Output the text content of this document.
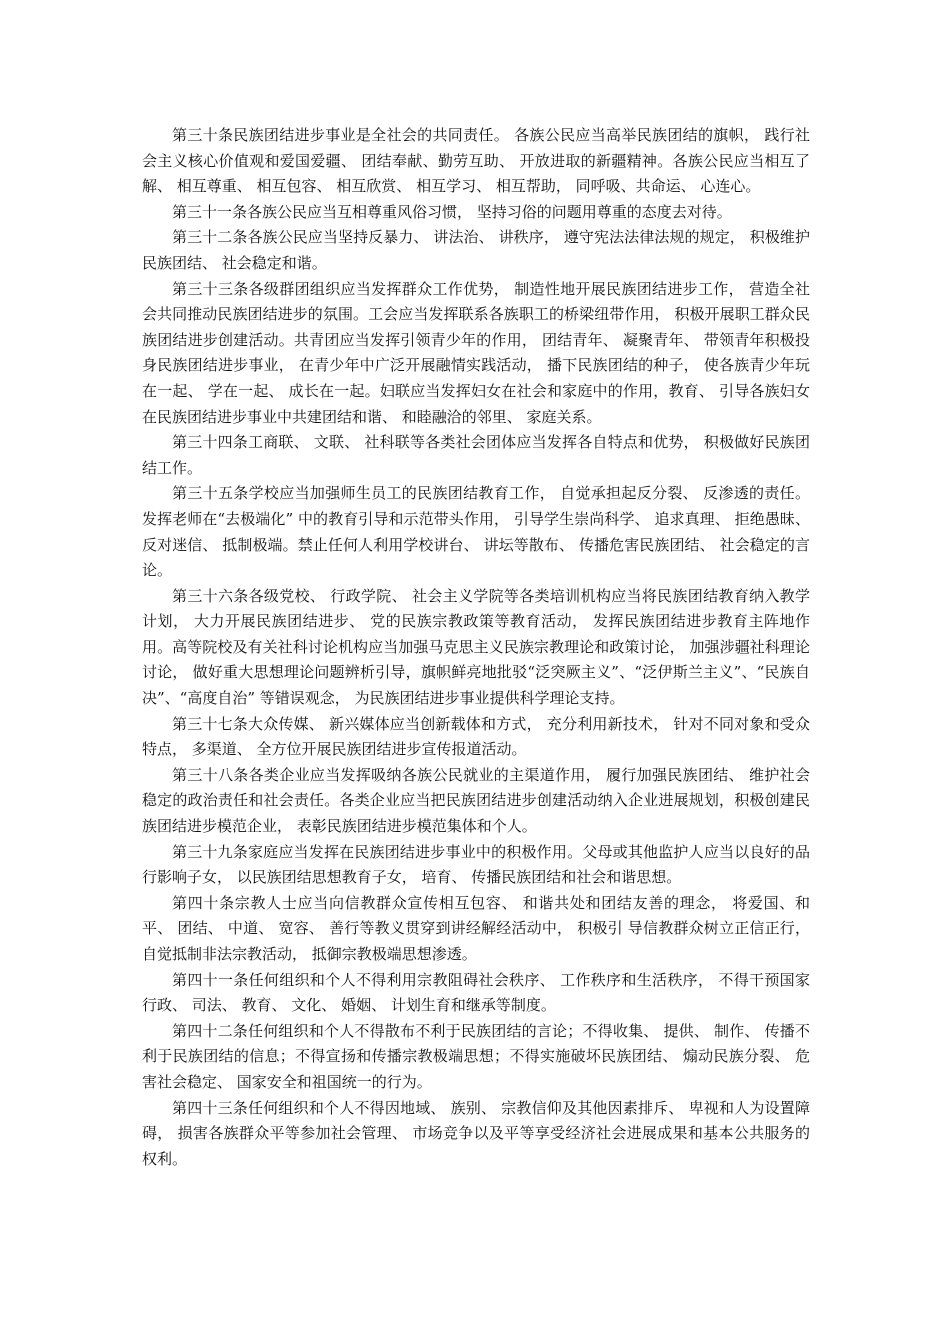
第三十条民族团结进步事业是全社会的共同责任。 各族公民应当高举民族团结的旗帜， 践行社会主义核心价值观和爱国爱疆、 团结奉献、勤劳互助、 开放进取的新疆精神。各族公民应当相互了解、 相互尊重、 相互包容、 相互欣赏、 相互学习、 相互帮助， 同呼吸、共命运、 心连心。

第三十一条各族公民应当互相尊重风俗习惯， 坚持习俗的问题用尊重的态度去对待。

第三十二条各族公民应当坚持反暴力、 讲法治、 讲秩序， 遵守宪法法律法规的规定， 积极维护民族团结、 社会稳定和谐。

第三十三条各级群团组织应当发挥群众工作优势， 制造性地开展民族团结进步工作， 营造全社会共同推动民族团结进步的氛围。工会应当发挥联系各族职工的桥梁纽带作用， 积极开展职工群众民族团结进步创建活动。共青团应当发挥引领青少年的作用， 团结青年、 凝聚青年、 带领青年积极投身民族团结进步事业， 在青少年中广泛开展融情实践活动， 播下民族团结的种子， 使各族青少年玩在一起、 学在一起、 成长在一起。妇联应当发挥妇女在社会和家庭中的作用，教育、 引导各族妇女在民族团结进步事业中共建团结和谐、 和睦融洽的邻里、 家庭关系。

第三十四条工商联、 文联、 社科联等各类社会团体应当发挥各自特点和优势， 积极做好民族团结工作。

第三十五条学校应当加强师生员工的民族团结教育工作， 自觉承担起反分裂、 反渗透的责任。 发挥老师在“去极端化” 中的教育引导和示范带头作用， 引导学生崇尚科学、 追求真理、 拒绝愚昧、 反对迷信、 抵制极端。禁止任何人利用学校讲台、 讲坛等散布、 传播危害民族团结、 社会稳定的言论。

第三十六条各级党校、 行政学院、 社会主义学院等各类培训机构应当将民族团结教育纳入教学计划， 大力开展民族团结进步、 党的民族宗教政策等教育活动， 发挥民族团结进步教育主阵地作用。高等院校及有关社科讨论机构应当加强马克思主义民族宗教理论和政策讨论， 加强涉疆社科理论讨论， 做好重大思想理论问题辨析引导，旗帜鲜亮地批驳“泛突厥主义”、“泛伊斯兰主义”、“民族自决”、“高度自治” 等错误观念， 为民族团结进步事业提供科学理论支持。

第三十七条大众传媒、 新兴媒体应当创新载体和方式， 充分利用新技术， 针对不同对象和受众特点， 多渠道、 全方位开展民族团结进步宣传报道活动。

第三十八条各类企业应当发挥吸纳各族公民就业的主渠道作用， 履行加强民族团结、 维护社会稳定的政治责任和社会责任。各类企业应当把民族团结进步创建活动纳入企业进展规划，积极创建民族团结进步模范企业， 表彰民族团结进步模范集体和个人。

第三十九条家庭应当发挥在民族团结进步事业中的积极作用。父母或其他监护人应当以良好的品行影响子女， 以民族团结思想教育子女， 培育、 传播民族团结和社会和谐思想。

第四十条宗教人士应当向信教群众宣传相互包容、 和谐共处和团结友善的理念， 将爱国、和平、 团结、 中道、 宽容、 善行等教义贯穿到讲经解经活动中， 积极引 导信教群众树立正信正行， 自觉抵制非法宗教活动， 抵御宗教极端思想渗透。

第四十一条任何组织和个人不得利用宗教阻碍社会秩序、 工作秩序和生活秩序， 不得干预国家行政、 司法、 教育、 文化、 婚姻、 计划生育和继承等制度。

第四十二条任何组织和个人不得散布不利于民族团结的言论；不得收集、 提供、 制作、 传播不利于民族团结的信息；不得宣扬和传播宗教极端思想；不得实施破坏民族团结、 煽动民族分裂、 危害社会稳定、 国家安全和祖国统一的行为。

第四十三条任何组织和个人不得因地域、 族别、 宗教信仰及其他因素排斥、 卑视和人为设置障碍， 损害各族群众平等参加社会管理、 市场竞争以及平等享受经济社会进展成果和基本公共服务的权利。
